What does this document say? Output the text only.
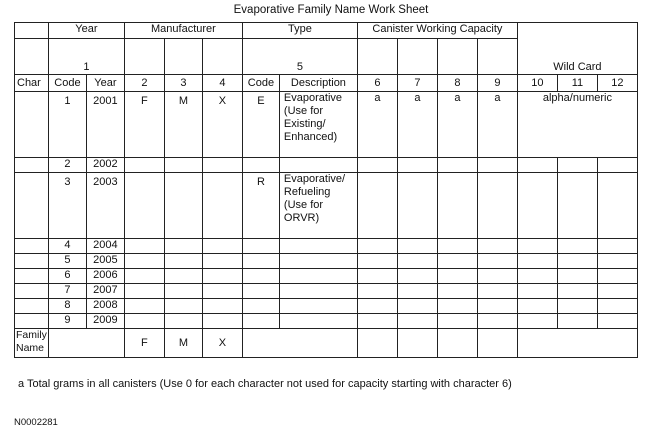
Evaporative Family Name Work Sheet
	Year		Manufacturer			Type		Canister Working Capacity						
	1					5						Wild Card		
Char	Code	Year	2	3	4	Code	Description	6	7	8	9	10	11	12
	1	2001	F	M	X	E	Evaporative (Use for Existing/ Enhanced)	a	a	a	a	alpha/numeric		
	2	2002												
	3	2003				R	Evaporative/ Refueling (Use for ORVR)							
	4	2004												
	5	2005												
	6	2006												
	7	2007												
	8	2008												
	9	2009												
Family Name			F	M	X									
a Total grams in all canisters (Use 0 for each character not used for capacity starting with character 6)
N0002281
